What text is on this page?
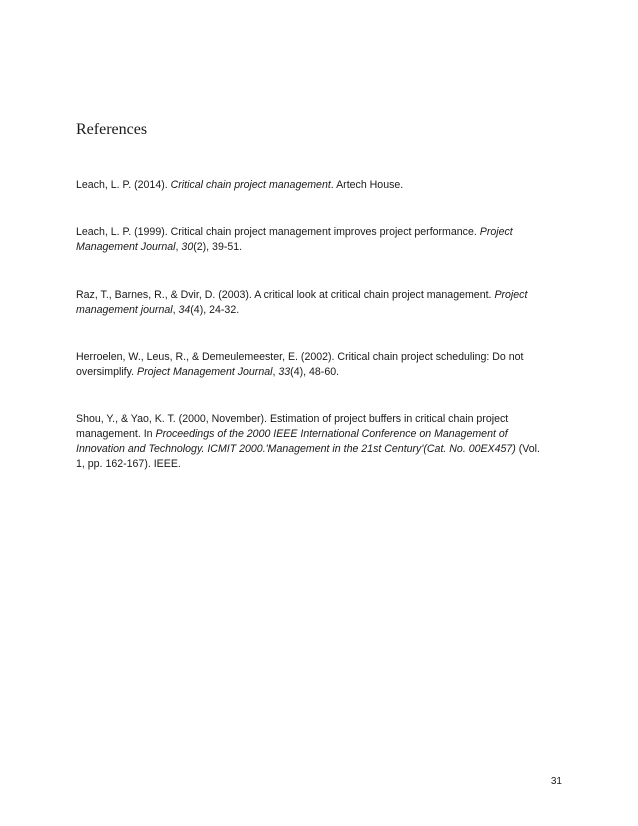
References

Leach, L. P. (2014). Critical chain project management. Artech House.

Leach, L. P. (1999). Critical chain project management improves project performance. Project Management Journal, 30(2), 39-51.

Raz, T., Barnes, R., & Dvir, D. (2003). A critical look at critical chain project management. Project management journal, 34(4), 24-32.

Herroelen, W., Leus, R., & Demeulemeester, E. (2002). Critical chain project scheduling: Do not oversimplify. Project Management Journal, 33(4), 48-60.

Shou, Y., & Yao, K. T. (2000, November). Estimation of project buffers in critical chain project management. In Proceedings of the 2000 IEEE International Conference on Management of Innovation and Technology. ICMIT 2000.'Management in the 21st Century'(Cat. No. 00EX457) (Vol. 1, pp. 162-167). IEEE.

31
